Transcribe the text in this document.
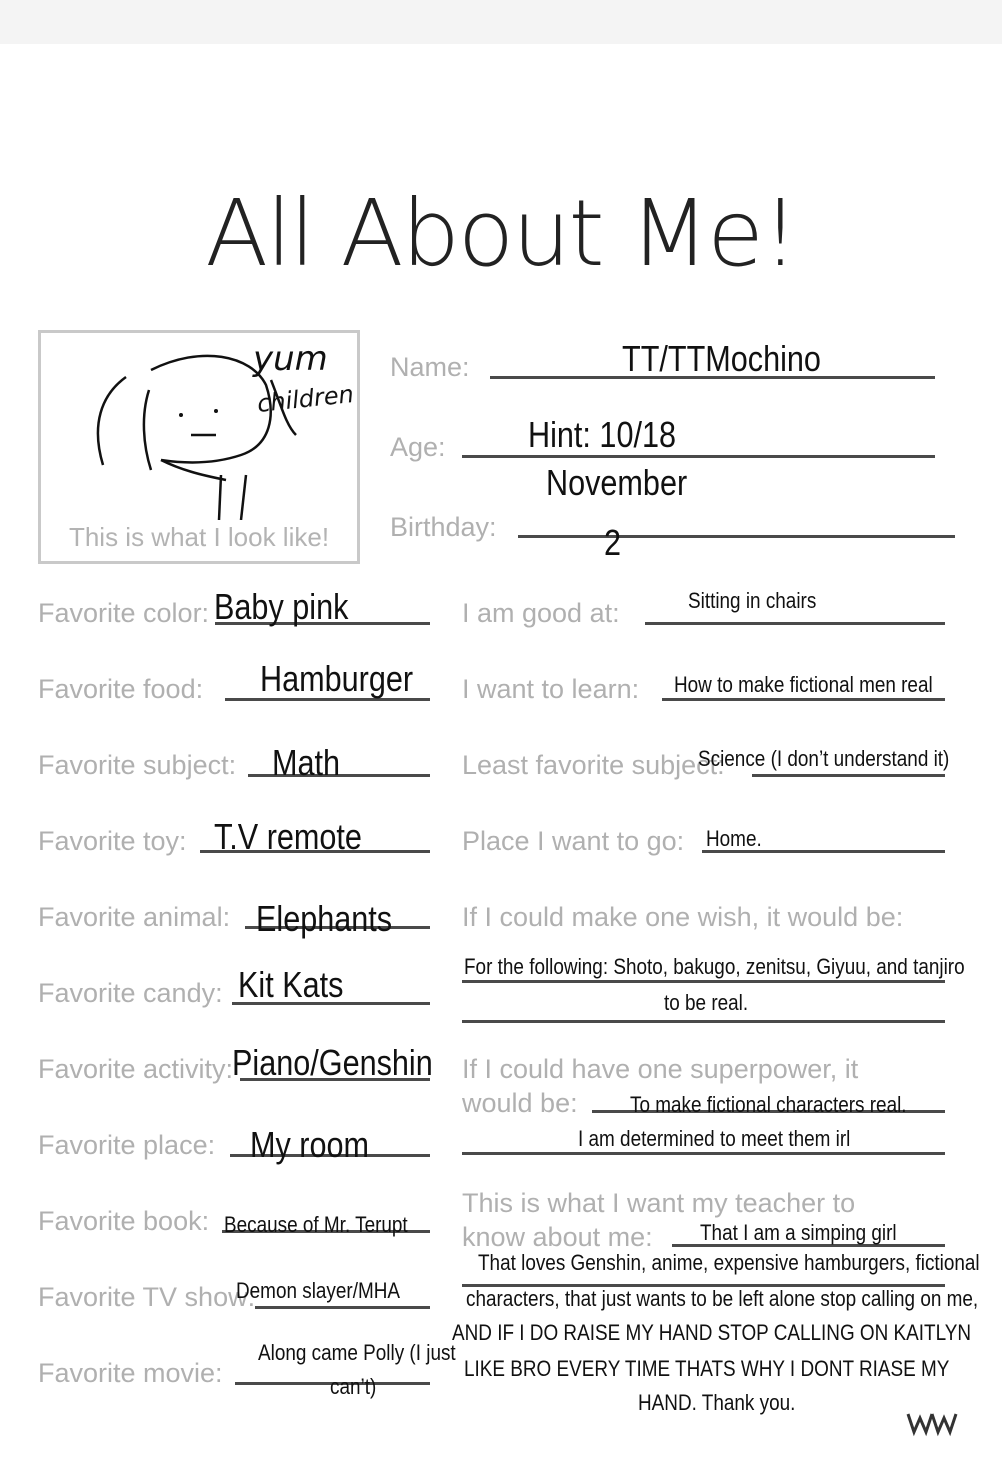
All About Me!
yum
children
This is what I look like!
Name:	TT/TTMochino
Age: Hint: 10/18
Birthday:
November
2
Favorite color: Baby pink
Favorite food: Hamburger
Favorite subject: Math
Favorite toy: T.V remote
Favorite animal: Elephants
Favorite candy: Kit Kats
Favorite activity:
Piano/Genshin
Favorite place: My room
Favorite book: Because of Mr. Terupt
Favorite TV show:
Demon slayer/MHA
Favorite movie:
Along came Polly (I just
can’t)
I am good at:	Sitting in chairs
I want to learn: How to make fictional men real
Least favorite subject:
Science (I don’t understand it)
Place I want to go: Home.
If I could make one wish, it would be:
For the following: Shoto, bakugo, zenitsu, Giyuu, and tanjiro
to be real.
If I could have one superpower, it
would be: To make fictional characters real.
I am determined to meet them irl
This is what I want my teacher to
know about me: That I am a simping girl
That loves Genshin, anime, expensive hamburgers, fictional
characters, that just wants to be left alone stop calling on me,
AND IF I DO RAISE MY HAND STOP CALLING ON KAITLYN
LIKE BRO EVERY TIME THATS WHY I DONT RIASE MY
HAND. Thank you.
